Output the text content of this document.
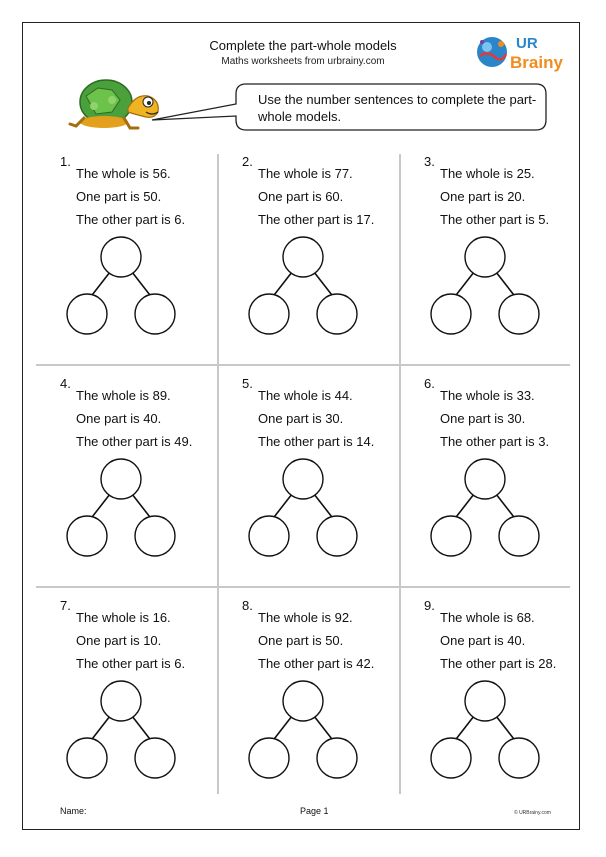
Complete the part-whole models
Maths worksheets from urbrainy.com
UR
Brainy
Use the number sentences to complete the part-whole models.
1.
The whole is 56.
One part is 50.
The other part is 6.
2.
The whole is 77.
One part is 60.
The other part is 17.
3.
The whole is 25.
One part is 20.
The other part is 5.
4.
The whole is 89.
One part is 40.
The other part is 49.
5.
The whole is 44.
One part is 30.
The other part is 14.
6.
The whole is 33.
One part is 30.
The other part is 3.
7.
The whole is 16.
One part is 10.
The other part is 6.
8.
The whole is 92.
One part is 50.
The other part is 42.
9.
The whole is 68.
One part is 40.
The other part is 28.
Name:	Page 1	© URBrainy.com
